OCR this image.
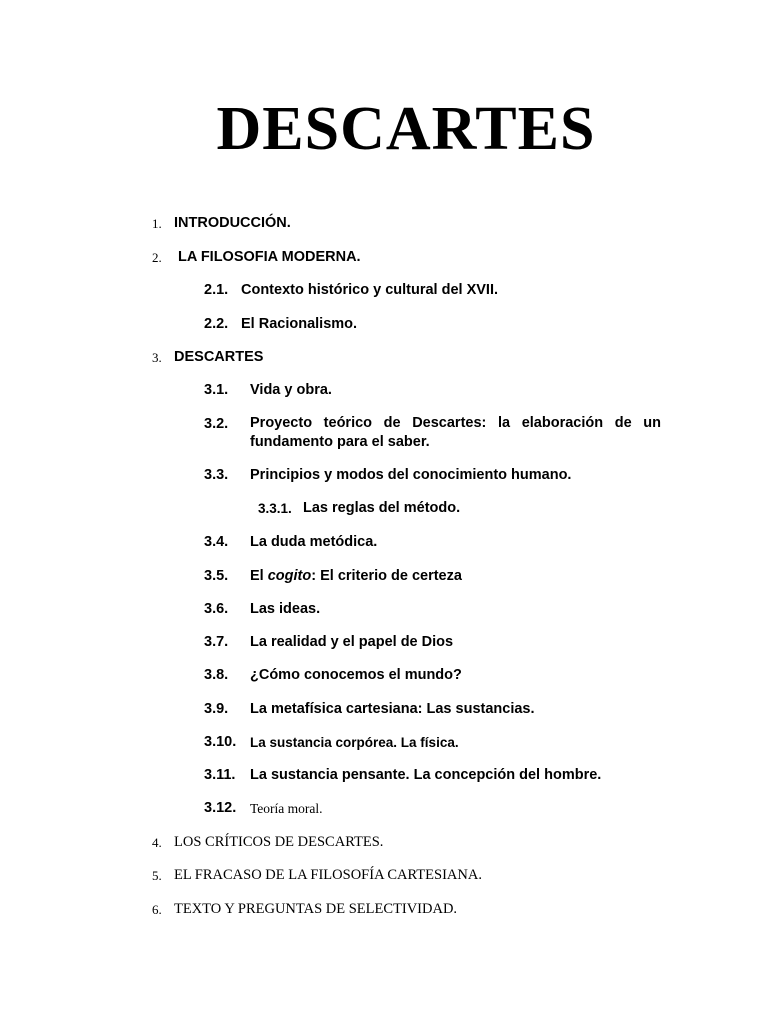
DESCARTES
1. INTRODUCCIÓN.
2. LA FILOSOFIA MODERNA.
2.1. Contexto histórico y cultural del XVII.
2.2. El Racionalismo.
3. DESCARTES
3.1. Vida y obra.
3.2. Proyecto teórico de Descartes: la elaboración de un fundamento para el saber.
3.3. Principios y modos del conocimiento humano.
3.3.1. Las reglas del método.
3.4. La duda metódica.
3.5. El cogito: El criterio de certeza
3.6. Las ideas.
3.7. La realidad y el papel de Dios
3.8. ¿Cómo conocemos el mundo?
3.9. La metafísica cartesiana: Las sustancias.
3.10. La sustancia corpórea. La física.
3.11. La sustancia pensante. La concepción del hombre.
3.12. Teoría moral.
4. LOS CRÍTICOS DE DESCARTES.
5. EL FRACASO DE LA FILOSOFÍA CARTESIANA.
6. TEXTO Y PREGUNTAS DE SELECTIVIDAD.
